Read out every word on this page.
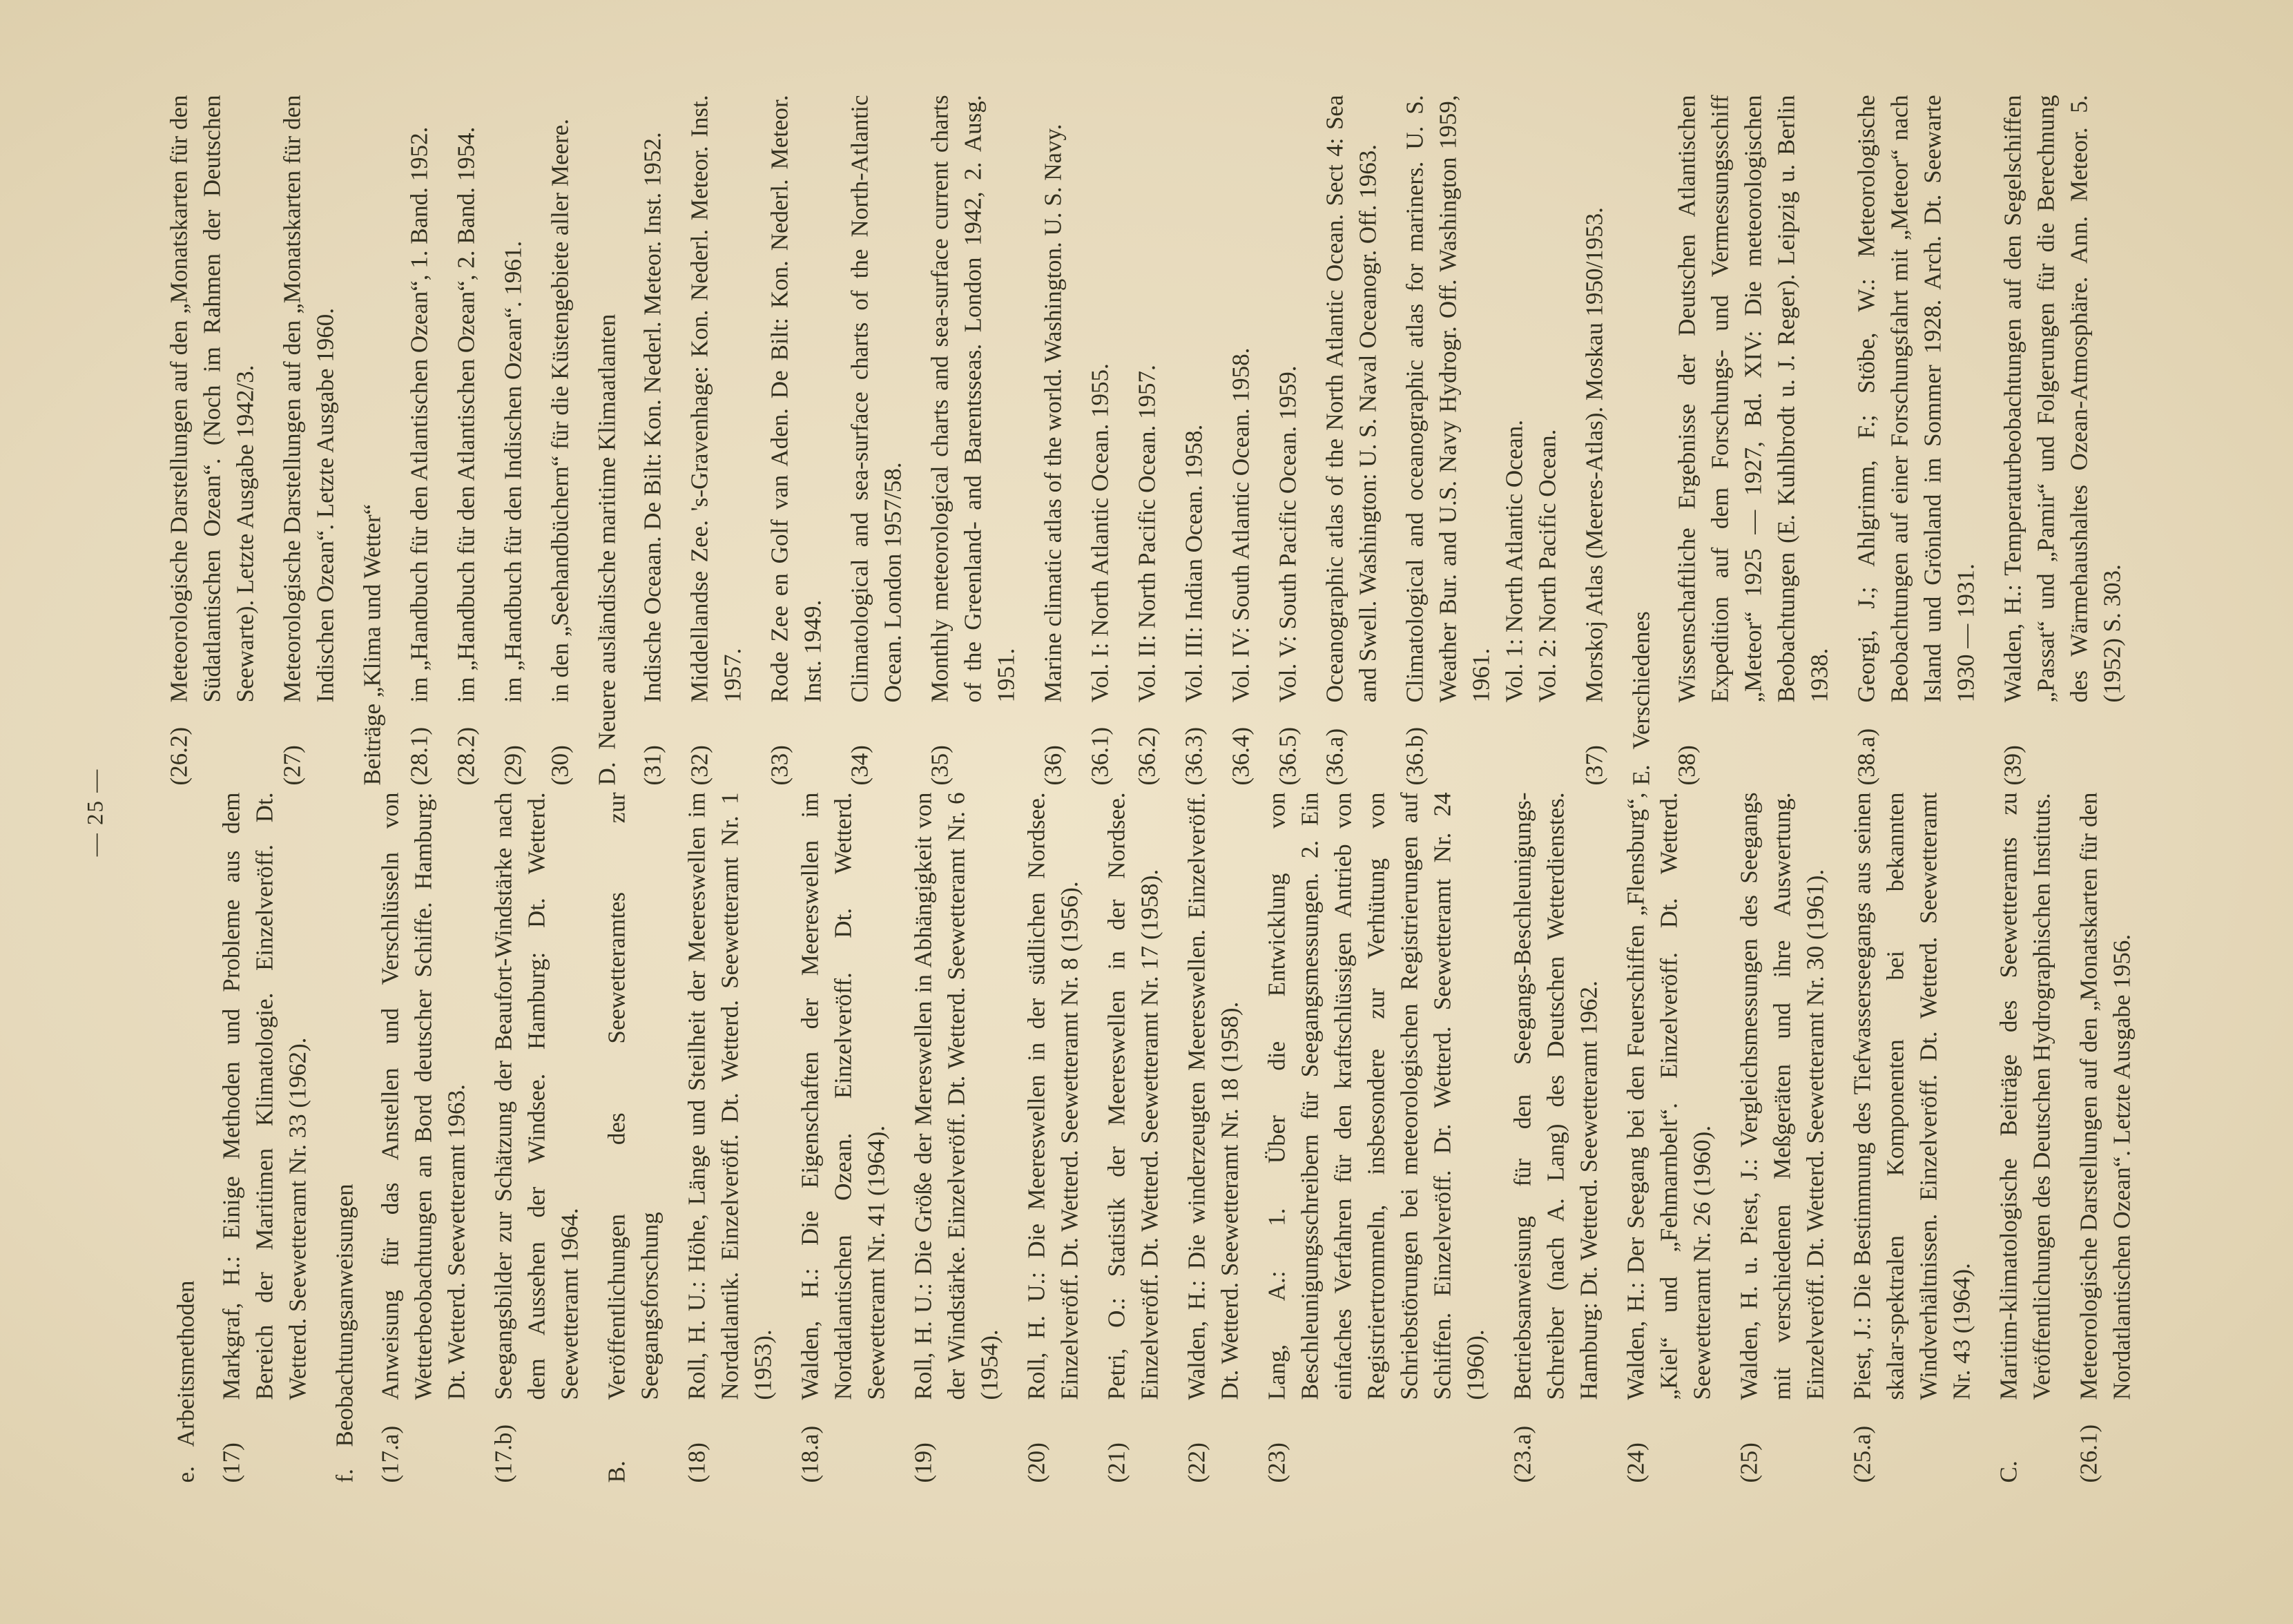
— 25 —
e.Arbeitsmethoden
(17)
Markgraf, H.: Einige Methoden und Probleme aus dem Bereich der Maritimen Klimatologie. Einzelveröff. Dt. Wetterd. Seewetteramt Nr. 33 (1962).
f.Beobachtungsanweisungen
(17.a)
Anweisung für das Anstellen und Verschlüsseln von Wetterbeobachtungen an Bord deutscher Schiffe. Hamburg: Dt. Wetterd. Seewetteramt 1963.
(17.b)
Seegangsbilder zur Schätzung der Beaufort-Windstärke nach dem Aussehen der Windsee. Hamburg: Dt. Wetterd. Seewetteramt 1964.
B.
Veröffentlichungen des Seewetteramtes zur Seegangsforschung
(18)
Roll, H. U.: Höhe, Länge und Steilheit der Meereswellen im Nordatlantik. Einzelveröff. Dt. Wetterd. Seewetteramt Nr. 1 (1953).
(18.a)
Walden, H.: Die Eigenschaften der Meereswellen im Nordatlantischen Ozean. Einzelveröff. Dt. Wetterd. Seewetteramt Nr. 41 (1964).
(19)
Roll, H. U.: Die Größe der Mereswellen in Abhängigkeit von der Windstärke. Einzelveröff. Dt. Wetterd. Seewetteramt Nr. 6 (1954).
(20)
Roll, H. U.: Die Meereswellen in der südlichen Nordsee. Einzelveröff. Dt. Wetterd. Seewetteramt Nr. 8 (1956).
(21)
Petri, O.: Statistik der Meereswellen in der Nordsee. Einzelveröff. Dt. Wetterd. Seewetteramt Nr. 17 (1958).
(22)
Walden, H.: Die winderzeugten Meereswellen. Einzelveröff. Dt. Wetterd. Seewetteramt Nr. 18 (1958).
(23)
Lang, A.: 1. Über die Entwicklung von Beschleunigungsschreibern für Seegangsmessungen. 2. Ein einfaches Verfahren für den kraftschlüssigen Antrieb von Registriertrommeln, insbesondere zur Verhütung von Schriebstörungen bei meteorologischen Registrierungen auf Schiffen. Einzelveröff. Dr. Wetterd. Seewetteramt Nr. 24 (1960).
(23.a)
Betriebsanweisung für den Seegangs-Beschleunigungs-Schreiber (nach A. Lang) des Deutschen Wetterdienstes. Hamburg: Dt. Wetterd. Seewetteramt 1962.
(24)
Walden, H.: Der Seegang bei den Feuerschiffen „Flensburg“, „Kiel“ und „Fehmarnbelt“. Einzelveröff. Dt. Wetterd. Seewetteramt Nr. 26 (1960).
(25)
Walden, H. u. Piest, J.: Vergleichsmessungen des Seegangs mit verschiedenen Meßgeräten und ihre Auswertung. Einzelveröff. Dt. Wetterd. Seewetteramt Nr. 30 (1961).
(25.a)
Piest, J.: Die Bestimmung des Tiefwasserseegangs aus seinen skalar-spektralen Komponenten bei bekannten Windverhältnissen. Einzelveröff. Dt. Wetterd. Seewetteramt Nr. 43 (1964).
C.
Maritim-klimatologische Beiträge des Seewetteramts zu Veröffentlichungen des Deutschen Hydrographischen Instituts.
(26.1)
Meteorologische Darstellungen auf den „Monatskarten für den Nordatlantischen Ozean“. Letzte Ausgabe 1956.
(26.2)
Meteorologische Darstellungen auf den „Monatskarten für den Südatlantischen Ozean“. (Noch im Rahmen der Deutschen Seewarte). Letzte Ausgabe 1942/3.
(27)
Meteorologische Darstellungen auf den „Monatskarten für den Indischen Ozean“. Letzte Ausgabe 1960. Beiträge „Klima und Wetter“ (28.1)
im „Handbuch für den Atlantischen Ozean“, 1. Band. 1952.
(28.2)
im „Handbuch für den Atlantischen Ozean“, 2. Band. 1954.
(29)
im „Handbuch für den Indischen Ozean“. 1961.
(30)
in den „Seehandbüchern“ für die Küstengebiete aller Meere.
D.Neuere ausländische maritime Klimaatlanten
(31)
Indische Oceaan. De Bilt: Kon. Nederl. Meteor. Inst. 1952.
(32)
Middellandse Zee. 's-Gravenhage: Kon. Nederl. Meteor. Inst. 1957.
(33)
Rode Zee en Golf van Aden. De Bilt: Kon. Nederl. Meteor. Inst. 1949.
(34)
Climatological and sea-surface charts of the North-Atlantic Ocean. London 1957/58.
(35)
Monthly meteorological charts and sea-surface current charts of the Greenland- and Barentsseas. London 1942, 2. Ausg. 1951.
(36)
Marine climatic atlas of the world. Washington. U. S. Navy.
(36.1)
Vol. I: North Atlantic Ocean. 1955.
(36.2)
Vol. II: North Pacific Ocean. 1957.
(36.3)
Vol. III: Indian Ocean. 1958.
(36.4)
Vol. IV: South Atlantic Ocean. 1958.
(36.5)
Vol. V: South Pacific Ocean. 1959.
(36.a)
Oceanographic atlas of the North Atlantic Ocean. Sect 4: Sea and Swell. Washington: U. S. Naval Oceanogr. Off. 1963.
(36.b)
Climatological and oceanographic atlas for mariners. U. S. Weather Bur. and U.S. Navy Hydrogr. Off. Washington 1959, 1961. Vol. 1: North Atlantic Ocean. Vol. 2: North Pacific Ocean.
(37)
Morskoj Atlas (Meeres-Atlas). Moskau 1950/1953.
E.Verschiedenes
(38)
Wissenschaftliche Ergebnisse der Deutschen Atlantischen Expedition auf dem Forschungs- und Vermessungsschiff „Meteor“ 1925 — 1927, Bd. XIV: Die meteorologischen Beobachtungen (E. Kuhlbrodt u. J. Reger). Leipzig u. Berlin 1938.
(38.a)
Georgi, J.; Ahlgrimm, F.; Stöbe, W.: Meteorologische Beobachtungen auf einer Forschungsfahrt mit „Meteor“ nach Island und Grönland im Sommer 1928. Arch. Dt. Seewarte 1930 — 1931.
(39)
Walden, H.: Temperaturbeobachtungen auf den Segelschiffen „Passat“ und „Pamir“ und Folgerungen für die Berechnung des Wärmehaushaltes Ozean-Atmosphäre. Ann. Meteor. 5. (1952) S. 303.
